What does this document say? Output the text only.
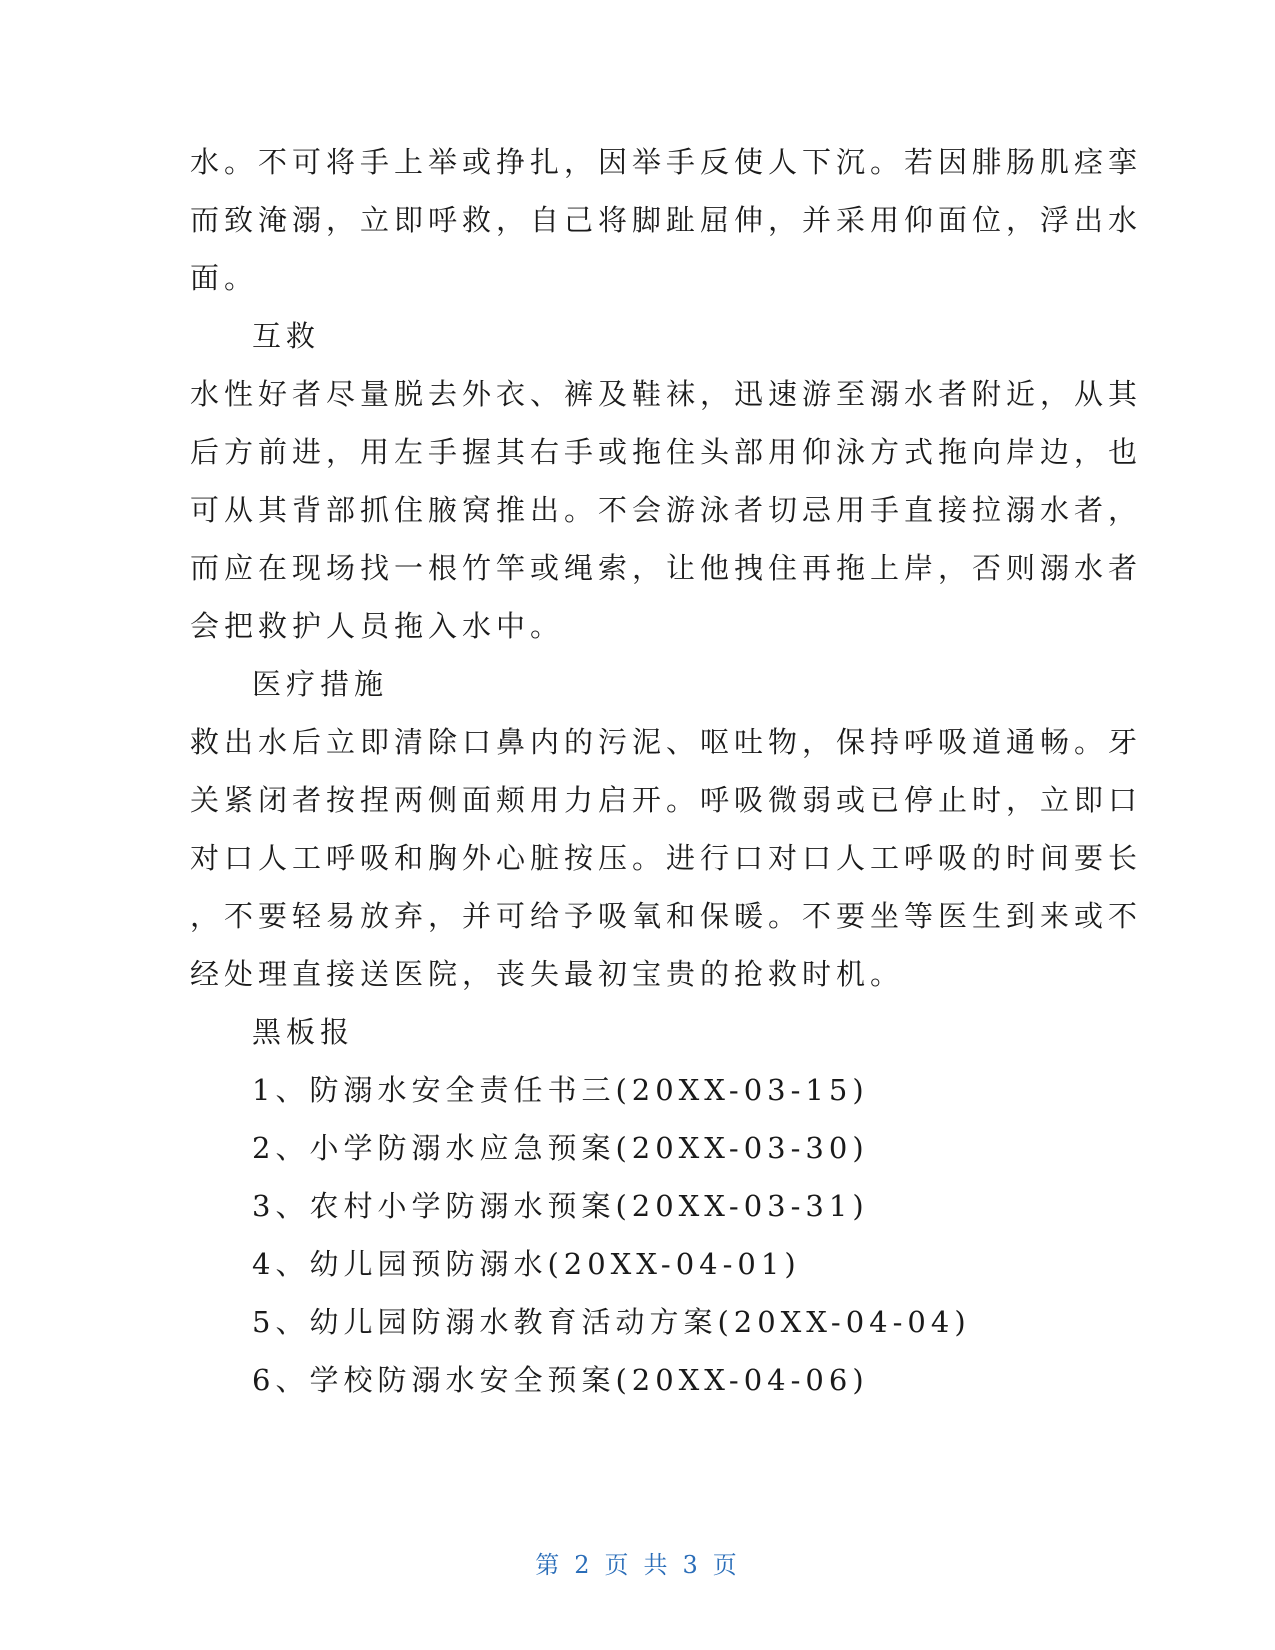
水。不可将手上举或挣扎，因举手反使人下沉。若因腓肠肌痉挛
而致淹溺，立即呼救，自己将脚趾屈伸，并采用仰面位，浮出水
面。
互救
水性好者尽量脱去外衣、裤及鞋袜，迅速游至溺水者附近，从其
后方前进，用左手握其右手或拖住头部用仰泳方式拖向岸边，也
可从其背部抓住腋窝推出。不会游泳者切忌用手直接拉溺水者，
而应在现场找一根竹竿或绳索，让他拽住再拖上岸，否则溺水者
会把救护人员拖入水中。
医疗措施
救出水后立即清除口鼻内的污泥、呕吐物，保持呼吸道通畅。牙
关紧闭者按捏两侧面颊用力启开。呼吸微弱或已停止时，立即口
对口人工呼吸和胸外心脏按压。进行口对口人工呼吸的时间要长
，不要轻易放弃，并可给予吸氧和保暖。不要坐等医生到来或不
经处理直接送医院，丧失最初宝贵的抢救时机。
黑板报
1、防溺水安全责任书三(20XX-03-15)
2、小学防溺水应急预案(20XX-03-30)
3、农村小学防溺水预案(20XX-03-31)
4、幼儿园预防溺水(20XX-04-01)
5、幼儿园防溺水教育活动方案(20XX-04-04)
6、学校防溺水安全预案(20XX-04-06)
第 2 页 共 3 页
